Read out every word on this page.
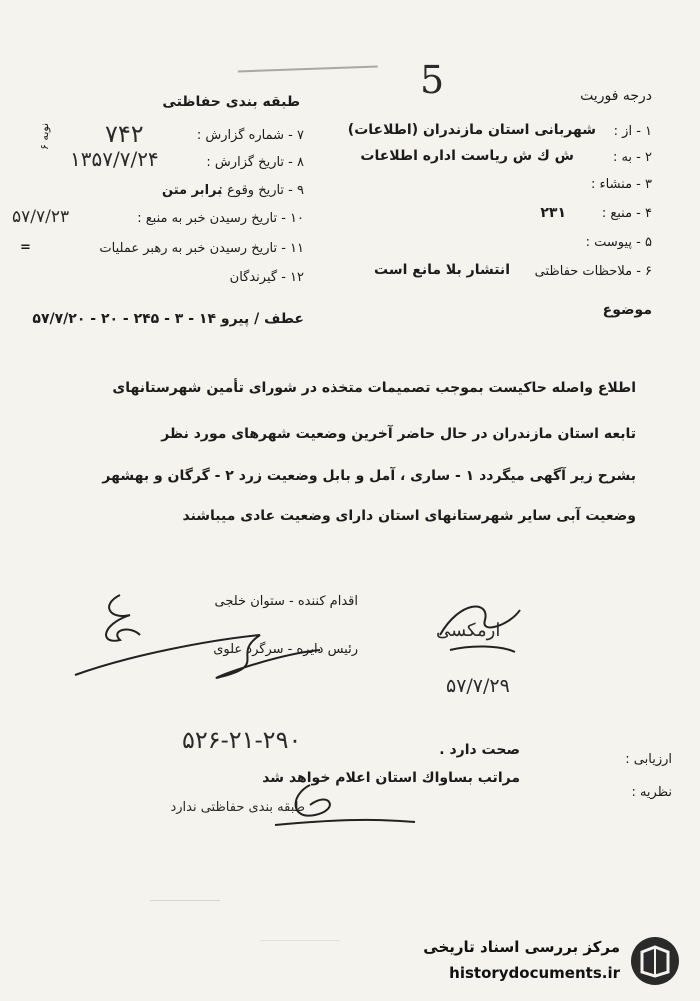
5
طبقه بندی حفاظتی	درجه فوریت
۷ - شماره گزارش :
۷۴۲
۸ - تاریخ گزارش :
۱۳۵۷/۷/۲۴
نوبه ۶
۹ - تاریخ وقوع :
برابر متن
۱۰ - تاریخ رسیدن خبر به منبع :
۵۷/۷/۲۳
۱۱ - تاریخ رسیدن خبر به رهبر عملیات
=
۱۲ - گیرندگان
۱ - از :
شهربانی استان مازندران (اطلاعات)
۲ - به :
ش ك ش ریاست اداره اطلاعات
۳ - منشاء :
۴ - منبع :
۲۳۱
۵ - پیوست :
۶ - ملاحظات حفاظتی
انتشار بلا مانع است
موضوع
عطف / پیرو ۱۴ - ۳ - ۲۴۵ - ۲۰ - ۵۷/۷/۲۰
اطلاع واصله حاکیست بموجب تصمیمات متخذه در شورای تأمین شهرستانهای
تابعه استان مازندران در حال حاضر آخرین وضعیت شهرهای مورد نظر
بشرح زیر آگهی میگردد ۱ - ساری ، آمل و بابل وضعیت زرد ۲ - گرگان و بهشهر
وضعیت آبی سایر شهرستانهای استان دارای وضعیت عادی میباشند
اقدام کننده - ستوان خلجی
رئیس دایره - سرگرد علوی
ارمکسی
۵۷/۷/۲۹
۵۲۶-۲۱-۲۹۰
ارزیابی :
صحت دارد .
نظریه :
مراتب بساواك استان اعلام خواهد شد
طبقه بندی حفاظتی ندارد
مرکز بررسی اسناد تاریخی
historydocuments.ir
